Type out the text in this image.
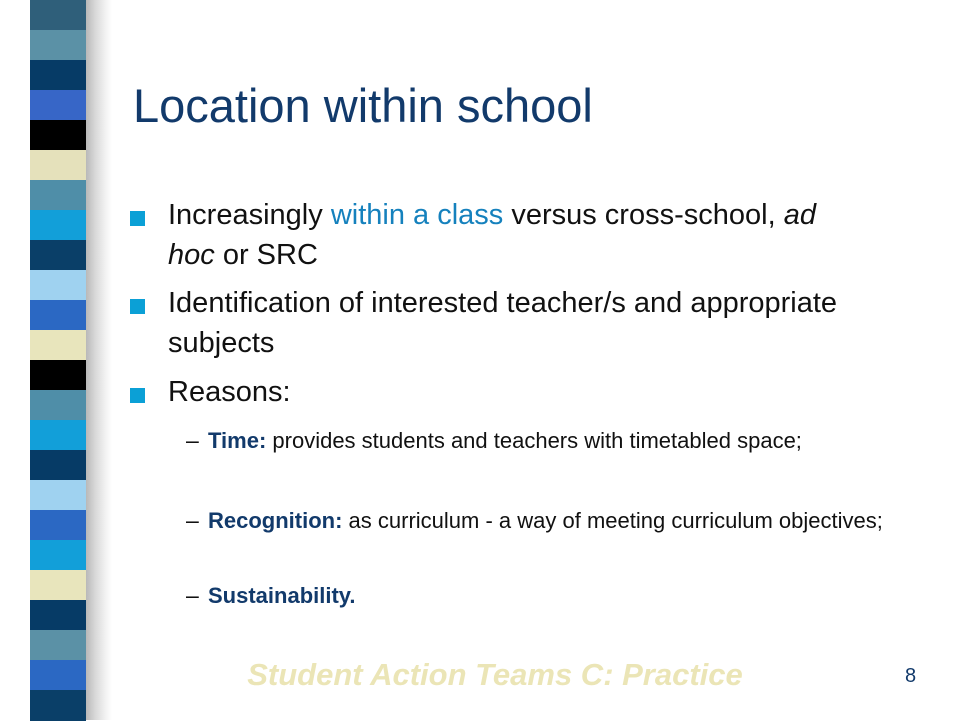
Location within school
Increasingly within a class versus cross-school, ad hoc or SRC
Identification of interested teacher/s and appropriate subjects
Reasons:
– Time: provides students and teachers with timetabled space;
– Recognition: as curriculum - a way of meeting curriculum objectives;
– Sustainability.
Student Action Teams C: Practice	8
